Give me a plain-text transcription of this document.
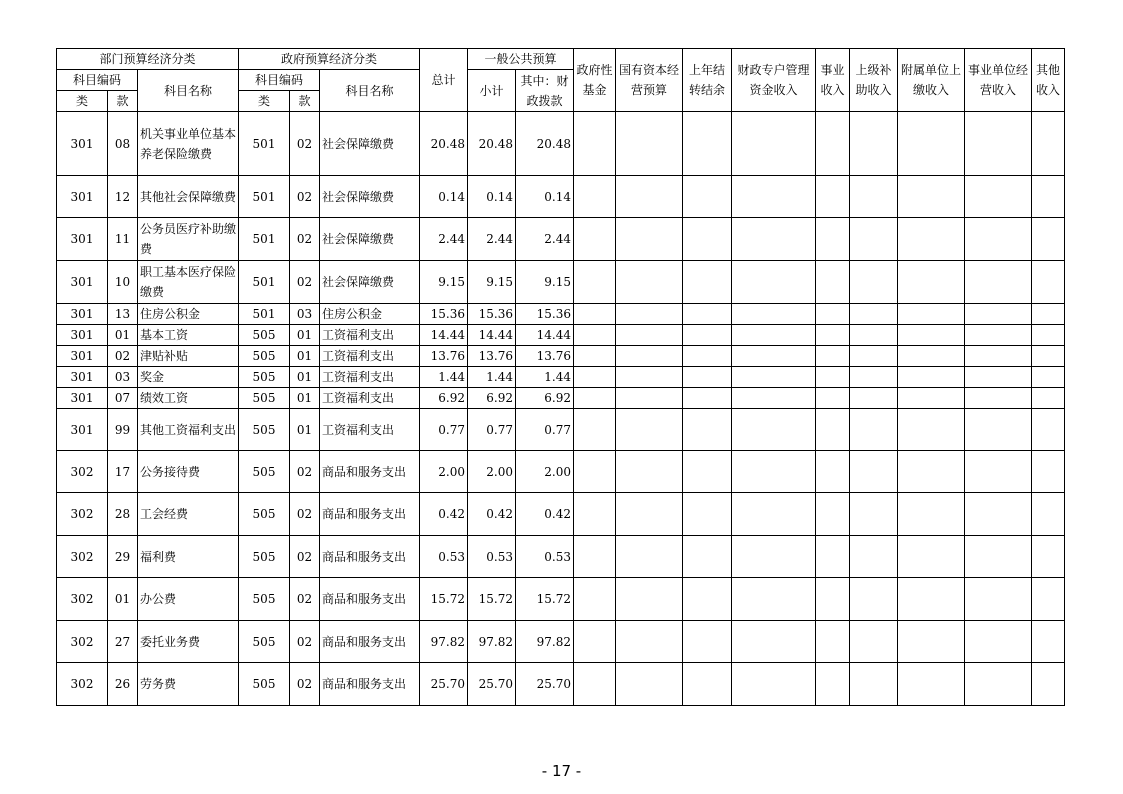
部门预算经济分类			政府预算经济分类			总计	一般公共预算		政府性基金	国有资本经营预算	上年结转结余	财政专户管理资金收入	事业收入	上级补助收入	附属单位上缴收入	事业单位经营收入	其他收入
科目编码		科目名称	科目编码		科目名称		小计	其中：财政拨款									
类	款		类	款													
301	08	机关事业单位基本养老保险缴费	501	02	社会保障缴费	20.48	20.48	20.48									
301	12	其他社会保障缴费	501	02	社会保障缴费	0.14	0.14	0.14									
301	11	公务员医疗补助缴费	501	02	社会保障缴费	2.44	2.44	2.44									
301	10	职工基本医疗保险缴费	501	02	社会保障缴费	9.15	9.15	9.15									
301	13	住房公积金	501	03	住房公积金	15.36	15.36	15.36									
301	01	基本工资	505	01	工资福利支出	14.44	14.44	14.44									
301	02	津贴补贴	505	01	工资福利支出	13.76	13.76	13.76									
301	03	奖金	505	01	工资福利支出	1.44	1.44	1.44									
301	07	绩效工资	505	01	工资福利支出	6.92	6.92	6.92									
301	99	其他工资福利支出	505	01	工资福利支出	0.77	0.77	0.77									
302	17	公务接待费	505	02	商品和服务支出	2.00	2.00	2.00									
302	28	工会经费	505	02	商品和服务支出	0.42	0.42	0.42									
302	29	福利费	505	02	商品和服务支出	0.53	0.53	0.53									
302	01	办公费	505	02	商品和服务支出	15.72	15.72	15.72									
302	27	委托业务费	505	02	商品和服务支出	97.82	97.82	97.82									
302	26	劳务费	505	02	商品和服务支出	25.70	25.70	25.70									
- 17 -
